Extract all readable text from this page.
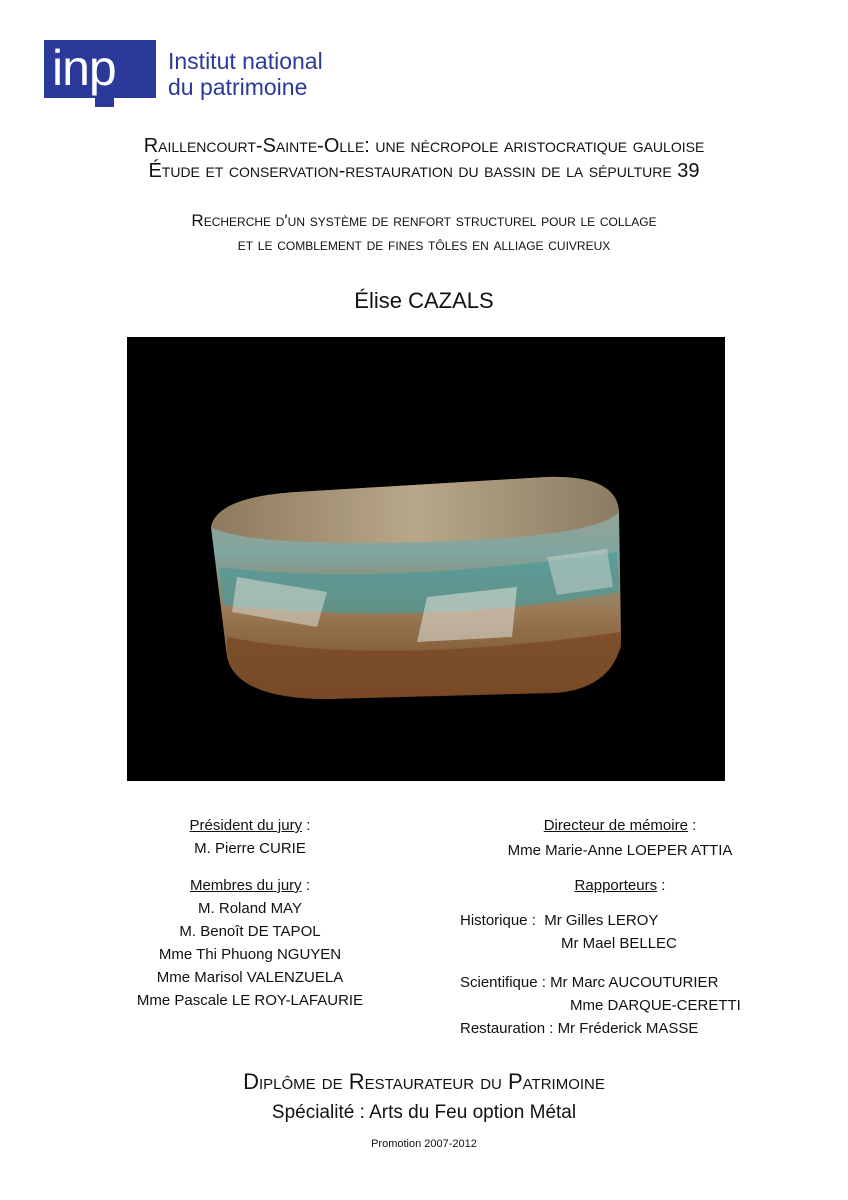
inp Institut national
du patrimoine
Raillencourt-Sainte-Olle: une nécropole aristocratique gauloise
Étude et conservation-restauration du bassin de la sépulture 39
Recherche d'un système de renfort structurel pour le collage
et le comblement de fines tôles en alliage cuivreux
Élise CAZALS
Président du jury :
M. Pierre CURIE
Membres du jury :
M. Roland MAY
M. Benoît DE TAPOL
Mme Thi Phuong NGUYEN
Mme Marisol VALENZUELA
Mme Pascale LE ROY-LAFAURIE
Directeur de mémoire :
Mme Marie-Anne LOEPER ATTIA
Rapporteurs :
Historique : Mr Gilles LEROY
Mr Mael BELLEC
Scientifique : Mr Marc AUCOUTURIER
Mme DARQUE-CERETTI
Restauration : Mr Fréderick MASSE
Diplôme de Restaurateur du Patrimoine
Spécialité : Arts du Feu option Métal
Promotion 2007-2012
